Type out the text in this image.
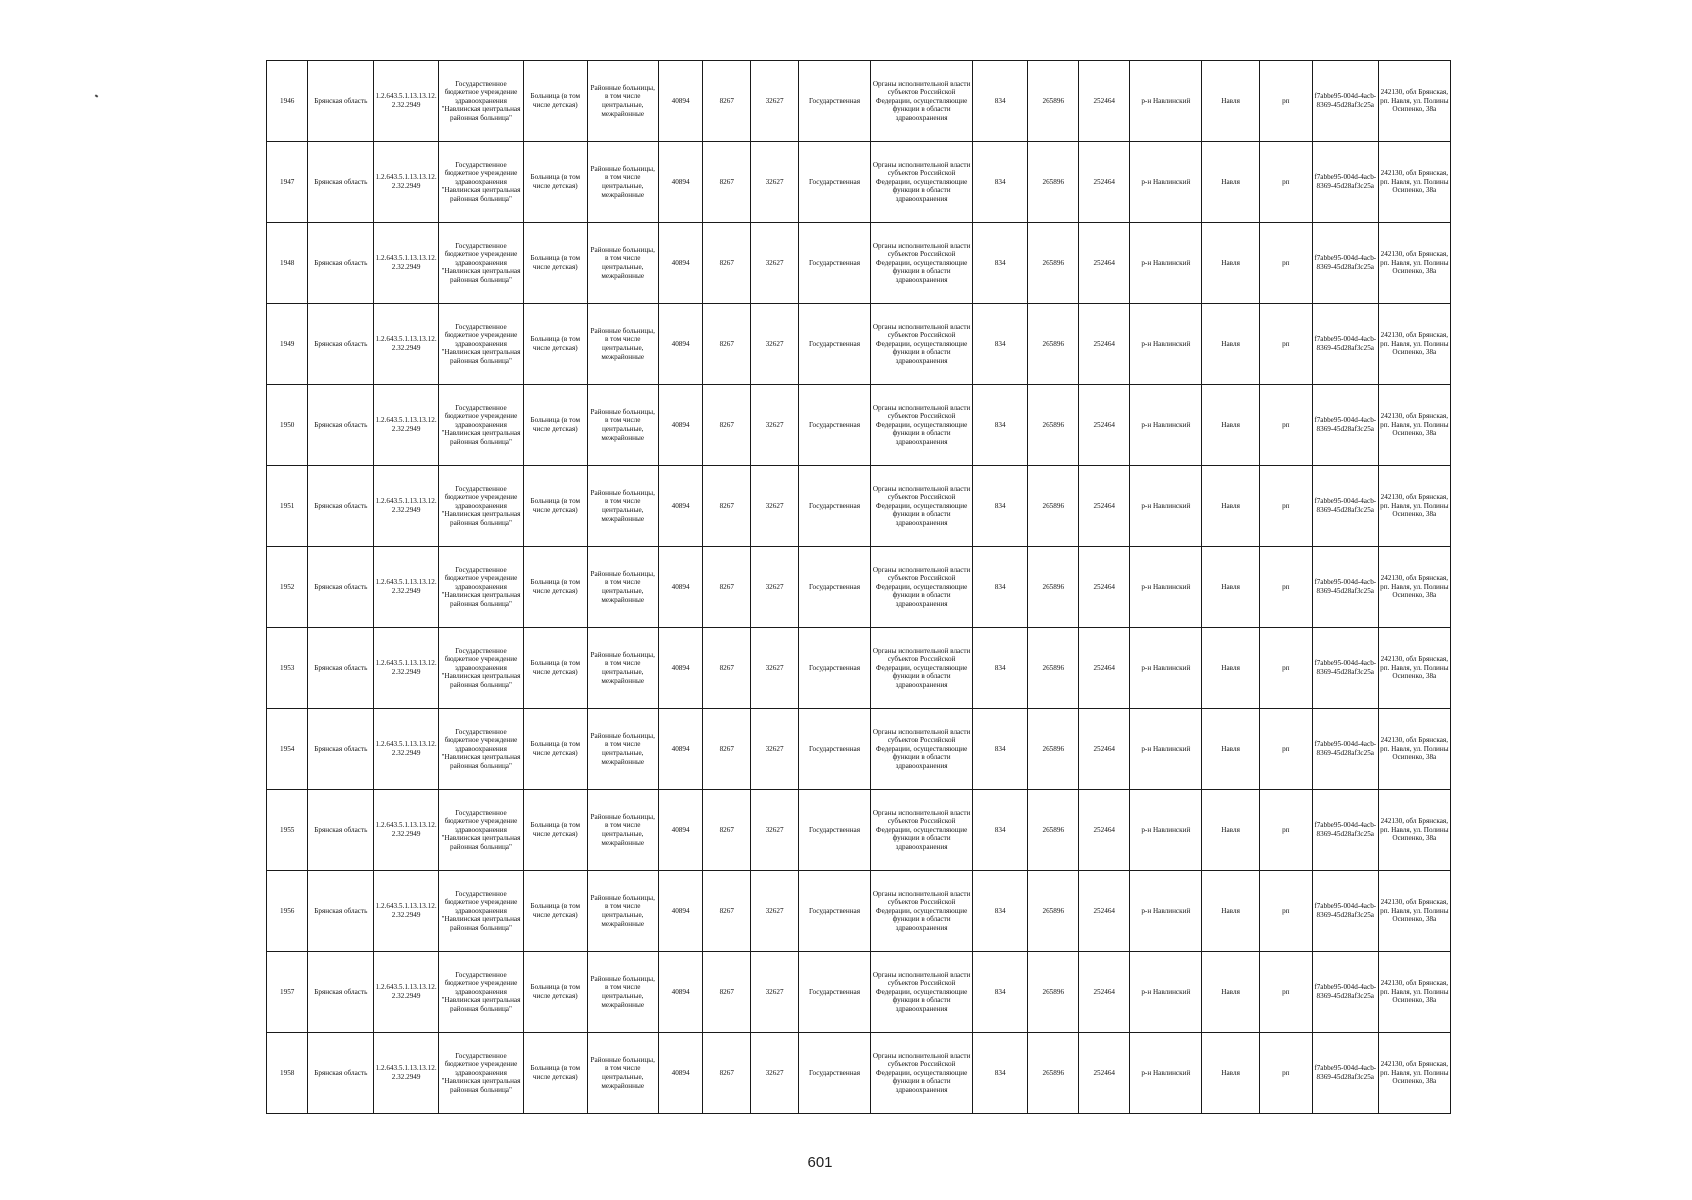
1946	Брянская область	1.2.643.5.1.13.13.12.2.32.2949	Государственное бюджетное учреждение здравоохранения "Навлинская центральная районная больница"	Больница (в том числе детская)	Районные больницы, в том числе центральные, межрайонные	40894	8267	32627	Государственная	Органы исполнительной власти субъектов Российской Федерации, осуществляющие функции в области здравоохранения	834	265896	252464	р-н Навлинский	Навля	рп	f7abbe95-004d-4acb-8369-45d28af3c25a	242130, обл Брянская, рп. Навля, ул. Полины Осипенко, 38а
1947	Брянская область	1.2.643.5.1.13.13.12.2.32.2949	Государственное бюджетное учреждение здравоохранения "Навлинская центральная районная больница"	Больница (в том числе детская)	Районные больницы, в том числе центральные, межрайонные	40894	8267	32627	Государственная	Органы исполнительной власти субъектов Российской Федерации, осуществляющие функции в области здравоохранения	834	265896	252464	р-н Навлинский	Навля	рп	f7abbe95-004d-4acb-8369-45d28af3c25a	242130, обл Брянская, рп. Навля, ул. Полины Осипенко, 38а
1948	Брянская область	1.2.643.5.1.13.13.12.2.32.2949	Государственное бюджетное учреждение здравоохранения "Навлинская центральная районная больница"	Больница (в том числе детская)	Районные больницы, в том числе центральные, межрайонные	40894	8267	32627	Государственная	Органы исполнительной власти субъектов Российской Федерации, осуществляющие функции в области здравоохранения	834	265896	252464	р-н Навлинский	Навля	рп	f7abbe95-004d-4acb-8369-45d28af3c25a	242130, обл Брянская, рп. Навля, ул. Полины Осипенко, 38а
1949	Брянская область	1.2.643.5.1.13.13.12.2.32.2949	Государственное бюджетное учреждение здравоохранения "Навлинская центральная районная больница"	Больница (в том числе детская)	Районные больницы, в том числе центральные, межрайонные	40894	8267	32627	Государственная	Органы исполнительной власти субъектов Российской Федерации, осуществляющие функции в области здравоохранения	834	265896	252464	р-н Навлинский	Навля	рп	f7abbe95-004d-4acb-8369-45d28af3c25a	242130, обл Брянская, рп. Навля, ул. Полины Осипенко, 38а
1950	Брянская область	1.2.643.5.1.13.13.12.2.32.2949	Государственное бюджетное учреждение здравоохранения "Навлинская центральная районная больница"	Больница (в том числе детская)	Районные больницы, в том числе центральные, межрайонные	40894	8267	32627	Государственная	Органы исполнительной власти субъектов Российской Федерации, осуществляющие функции в области здравоохранения	834	265896	252464	р-н Навлинский	Навля	рп	f7abbe95-004d-4acb-8369-45d28af3c25a	242130, обл Брянская, рп. Навля, ул. Полины Осипенко, 38а
1951	Брянская область	1.2.643.5.1.13.13.12.2.32.2949	Государственное бюджетное учреждение здравоохранения "Навлинская центральная районная больница"	Больница (в том числе детская)	Районные больницы, в том числе центральные, межрайонные	40894	8267	32627	Государственная	Органы исполнительной власти субъектов Российской Федерации, осуществляющие функции в области здравоохранения	834	265896	252464	р-н Навлинский	Навля	рп	f7abbe95-004d-4acb-8369-45d28af3c25a	242130, обл Брянская, рп. Навля, ул. Полины Осипенко, 38а
1952	Брянская область	1.2.643.5.1.13.13.12.2.32.2949	Государственное бюджетное учреждение здравоохранения "Навлинская центральная районная больница"	Больница (в том числе детская)	Районные больницы, в том числе центральные, межрайонные	40894	8267	32627	Государственная	Органы исполнительной власти субъектов Российской Федерации, осуществляющие функции в области здравоохранения	834	265896	252464	р-н Навлинский	Навля	рп	f7abbe95-004d-4acb-8369-45d28af3c25a	242130, обл Брянская, рп. Навля, ул. Полины Осипенко, 38а
1953	Брянская область	1.2.643.5.1.13.13.12.2.32.2949	Государственное бюджетное учреждение здравоохранения "Навлинская центральная районная больница"	Больница (в том числе детская)	Районные больницы, в том числе центральные, межрайонные	40894	8267	32627	Государственная	Органы исполнительной власти субъектов Российской Федерации, осуществляющие функции в области здравоохранения	834	265896	252464	р-н Навлинский	Навля	рп	f7abbe95-004d-4acb-8369-45d28af3c25a	242130, обл Брянская, рп. Навля, ул. Полины Осипенко, 38а
1954	Брянская область	1.2.643.5.1.13.13.12.2.32.2949	Государственное бюджетное учреждение здравоохранения "Навлинская центральная районная больница"	Больница (в том числе детская)	Районные больницы, в том числе центральные, межрайонные	40894	8267	32627	Государственная	Органы исполнительной власти субъектов Российской Федерации, осуществляющие функции в области здравоохранения	834	265896	252464	р-н Навлинский	Навля	рп	f7abbe95-004d-4acb-8369-45d28af3c25a	242130, обл Брянская, рп. Навля, ул. Полины Осипенко, 38а
1955	Брянская область	1.2.643.5.1.13.13.12.2.32.2949	Государственное бюджетное учреждение здравоохранения "Навлинская центральная районная больница"	Больница (в том числе детская)	Районные больницы, в том числе центральные, межрайонные	40894	8267	32627	Государственная	Органы исполнительной власти субъектов Российской Федерации, осуществляющие функции в области здравоохранения	834	265896	252464	р-н Навлинский	Навля	рп	f7abbe95-004d-4acb-8369-45d28af3c25a	242130, обл Брянская, рп. Навля, ул. Полины Осипенко, 38а
1956	Брянская область	1.2.643.5.1.13.13.12.2.32.2949	Государственное бюджетное учреждение здравоохранения "Навлинская центральная районная больница"	Больница (в том числе детская)	Районные больницы, в том числе центральные, межрайонные	40894	8267	32627	Государственная	Органы исполнительной власти субъектов Российской Федерации, осуществляющие функции в области здравоохранения	834	265896	252464	р-н Навлинский	Навля	рп	f7abbe95-004d-4acb-8369-45d28af3c25a	242130, обл Брянская, рп. Навля, ул. Полины Осипенко, 38а
1957	Брянская область	1.2.643.5.1.13.13.12.2.32.2949	Государственное бюджетное учреждение здравоохранения "Навлинская центральная районная больница"	Больница (в том числе детская)	Районные больницы, в том числе центральные, межрайонные	40894	8267	32627	Государственная	Органы исполнительной власти субъектов Российской Федерации, осуществляющие функции в области здравоохранения	834	265896	252464	р-н Навлинский	Навля	рп	f7abbe95-004d-4acb-8369-45d28af3c25a	242130, обл Брянская, рп. Навля, ул. Полины Осипенко, 38а
1958	Брянская область	1.2.643.5.1.13.13.12.2.32.2949	Государственное бюджетное учреждение здравоохранения "Навлинская центральная районная больница"	Больница (в том числе детская)	Районные больницы, в том числе центральные, межрайонные	40894	8267	32627	Государственная	Органы исполнительной власти субъектов Российской Федерации, осуществляющие функции в области здравоохранения	834	265896	252464	р-н Навлинский	Навля	рп	f7abbe95-004d-4acb-8369-45d28af3c25a	242130, обл Брянская, рп. Навля, ул. Полины Осипенко, 38а
601
